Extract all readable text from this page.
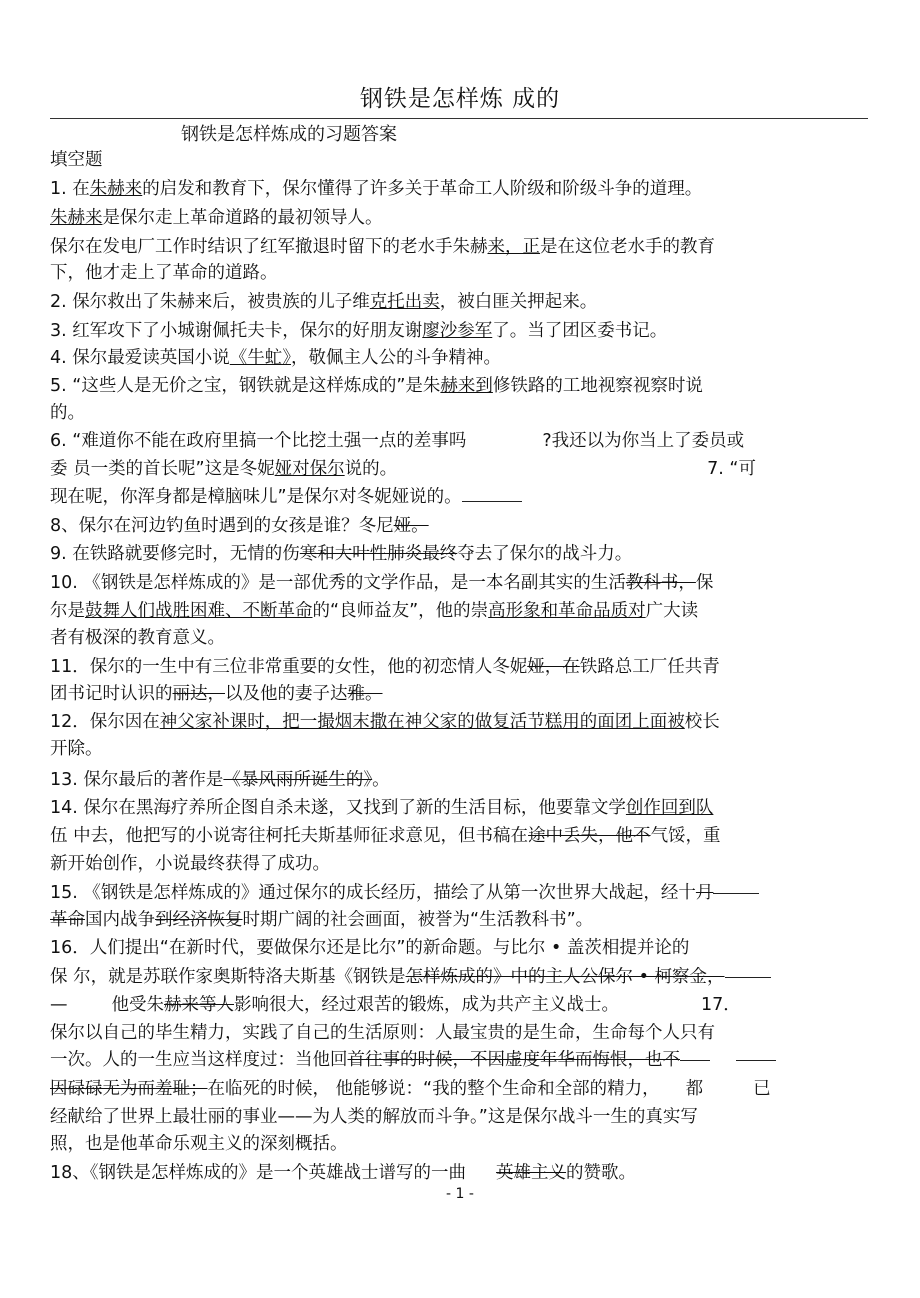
钢铁是怎样炼 成的
钢铁是怎样炼成的习题答案

填空题

1. 在朱赫来的启发和教育下，保尔懂得了许多关于革命工人阶级和阶级斗争的道理。

朱赫来是保尔走上革命道路的最初领导人。

保尔在发电厂工作时结识了红军撤退时留下的老水手朱赫来，正是在这位老水手的教育

下，他才走上了革命的道路。

2. 保尔救出了朱赫来后，被贵族的儿子维克托出卖，被白匪关押起来。

3. 红军攻下了小城谢佩托夫卡，保尔的好朋友谢廖沙参军了。当了团区委书记。

4. 保尔最爱读英国小说《牛虻》，敬佩主人公的斗争精神。

5. “这些人是无价之宝，钢铁就是这样炼成的”是朱赫来到修铁路的工地视察视察时说

的。

6. “难道你不能在政府里搞一个比挖土强一点的差事吗	?我还以为你当上了委员或

委 员一类的首长呢”这是冬妮娅对保尔说的。	7. “可

现在呢，你浑身都是樟脑味儿”是保尔对冬妮娅说的。

8、保尔在河边钓鱼时遇到的女孩是谁？冬尼娅。

9. 在铁路就要修完时，无情的伤寒和大叶性肺炎最终夺去了保尔的战斗力。

10. 《钢铁是怎样炼成的》是一部优秀的文学作品，是一本名副其实的生活教科书，保

尔是鼓舞人们战胜困难、不断革命的“良师益友”，他的崇高形象和革命品质对广大读

者有极深的教育意义。

11．保尔的一生中有三位非常重要的女性，他的初恋情人冬妮娅，在铁路总工厂任共青

团书记时认识的丽达，以及他的妻子达雅。

12．保尔因在神父家补课时，把一撮烟末撒在神父家的做复活节糕用的面团上面被校长

开除。

13. 保尔最后的著作是《暴风雨所诞生的》。

14. 保尔在黑海疗养所企图自杀未遂，又找到了新的生活目标，他要靠文学创作回到队

伍 中去，他把写的小说寄往柯托夫斯基师征求意见，但书稿在途中丢失，他不气馁，重

新开始创作，小说最终获得了成功。

15. 《钢铁是怎样炼成的》通过保尔的成长经历，描绘了从第一次世界大战起，经十月

革命国内战争到经济恢复时期广阔的社会画面，被誉为“生活教科书”。

16．人们提出“在新时代，要做保尔还是比尔”的新命题。与比尔 • 盖茨相提并论的

保 尔，就是苏联作家奥斯特洛夫斯基《钢铁是怎样炼成的》中的主人公保尔 • 柯察金，

—	他受朱赫来等人影响很大，经过艰苦的锻炼，成为共产主义战士。	17．

保尔以自己的毕生精力，实践了自己的生活原则：人最宝贵的是生命，生命每个人只有

一次。人的一生应当这样度过：当他回首往事的时候，不因虚度年华而悔恨，也不

因碌碌无为而羞耻；在临死的时候， 他能够说：“我的整个生命和全部的精力， 都	已

经献给了世界上最壮丽的事业——为人类的解放而斗争。”这是保尔战斗一生的真实写

照，也是他革命乐观主义的深刻概括。

18、《钢铁是怎样炼成的》是一个英雄战士谱写的一曲 英雄主义的赞歌。

- 1 -
